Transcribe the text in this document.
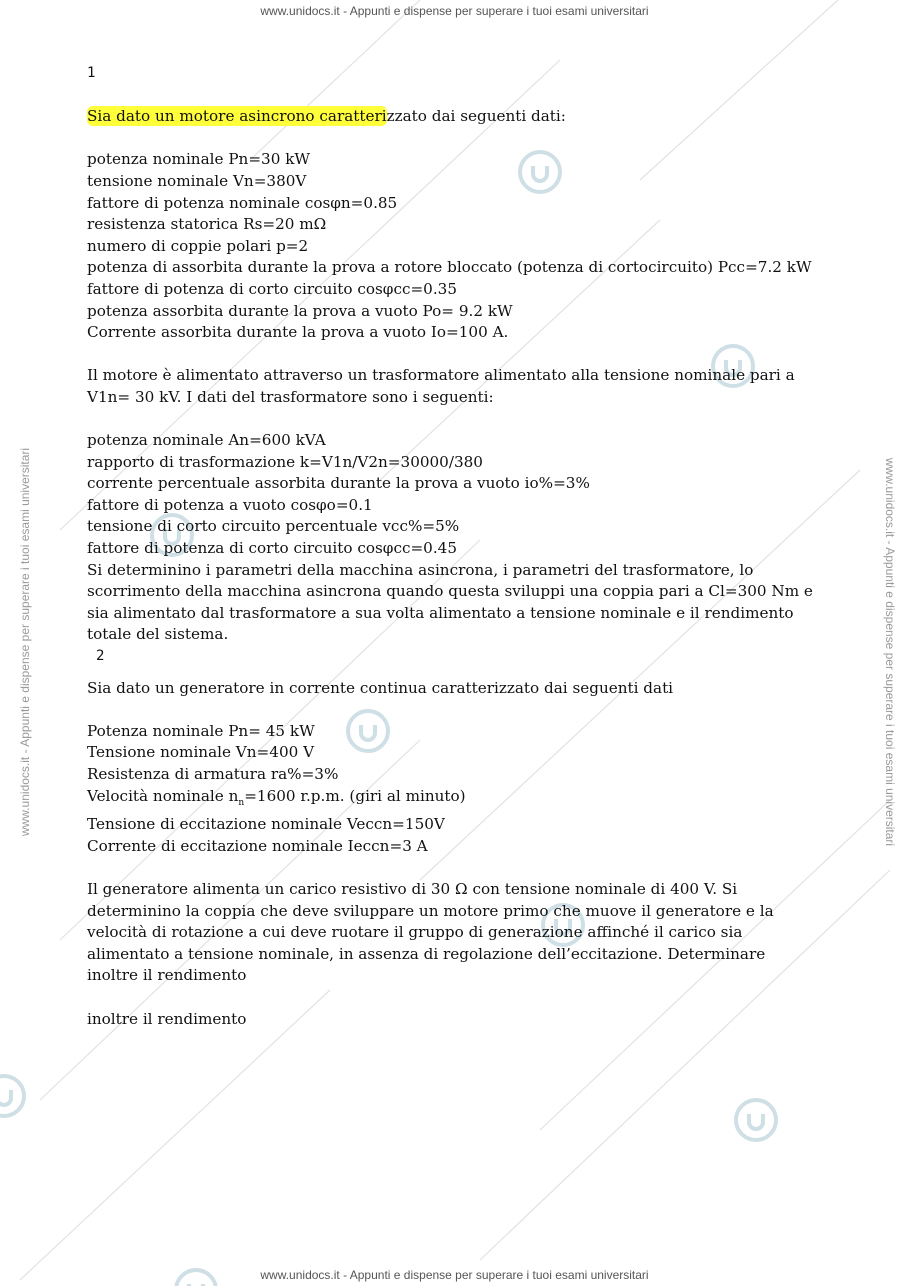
www.unidocs.it - Appunti e dispense per superare i tuoi esami universitari
www.unidocs.it - Appunti e dispense per superare i tuoi esami universitari
www.unidocs.it - Appunti e dispense per superare i tuoi esami universitari	www.unidocs.it - Appunti e dispense per superare i tuoi esami universitari

1

Sia dato un motore asincrono caratterizzato dai seguenti dati:

potenza nominale Pn=30 kW

tensione nominale Vn=380V

fattore di potenza nominale cosφn=0.85

resistenza statorica Rs=20 mΩ

numero di coppie polari p=2

potenza di assorbita durante la prova a rotore bloccato (potenza di cortocircuito) Pcc=7.2 kW

fattore di potenza di corto circuito cosφcc=0.35

potenza assorbita durante la prova a vuoto Po= 9.2 kW

Corrente assorbita durante la prova a vuoto Io=100 A.

Il motore è alimentato attraverso un trasformatore alimentato alla tensione nominale pari a

V1n= 30 kV. I dati del trasformatore sono i seguenti:

potenza nominale An=600 kVA

rapporto di trasformazione k=V1n/V2n=30000/380

corrente percentuale assorbita durante la prova a vuoto io%=3%

fattore di potenza a vuoto cosφo=0.1

tensione di corto circuito percentuale vcc%=5%

fattore di potenza di corto circuito cosφcc=0.45

Si determinino i parametri della macchina asincrona, i parametri del trasformatore, lo

scorrimento della macchina asincrona quando questa sviluppi una coppia pari a Cl=300 Nm e

sia alimentato dal trasformatore a sua volta alimentato a tensione nominale e il rendimento

totale del sistema.

2

Sia dato un generatore in corrente continua caratterizzato dai seguenti dati

Potenza nominale Pn= 45 kW

Tensione nominale Vn=400 V

Resistenza di armatura ra%=3%

Velocità nominale $n_n=1600$ r.p.m. (giri al minuto)

Tensione di eccitazione nominale Veccn=150V

Corrente di eccitazione nominale Ieccn=3 A

Il generatore alimenta un carico resistivo di 30 Ω con tensione nominale di 400 V. Si

determinino la coppia che deve sviluppare un motore primo che muove il generatore e la

velocità di rotazione a cui deve ruotare il gruppo di generazione affinché il carico sia

alimentato a tensione nominale, in assenza di regolazione dell’eccitazione. Determinare

inoltre il rendimento

inoltre il rendimento
